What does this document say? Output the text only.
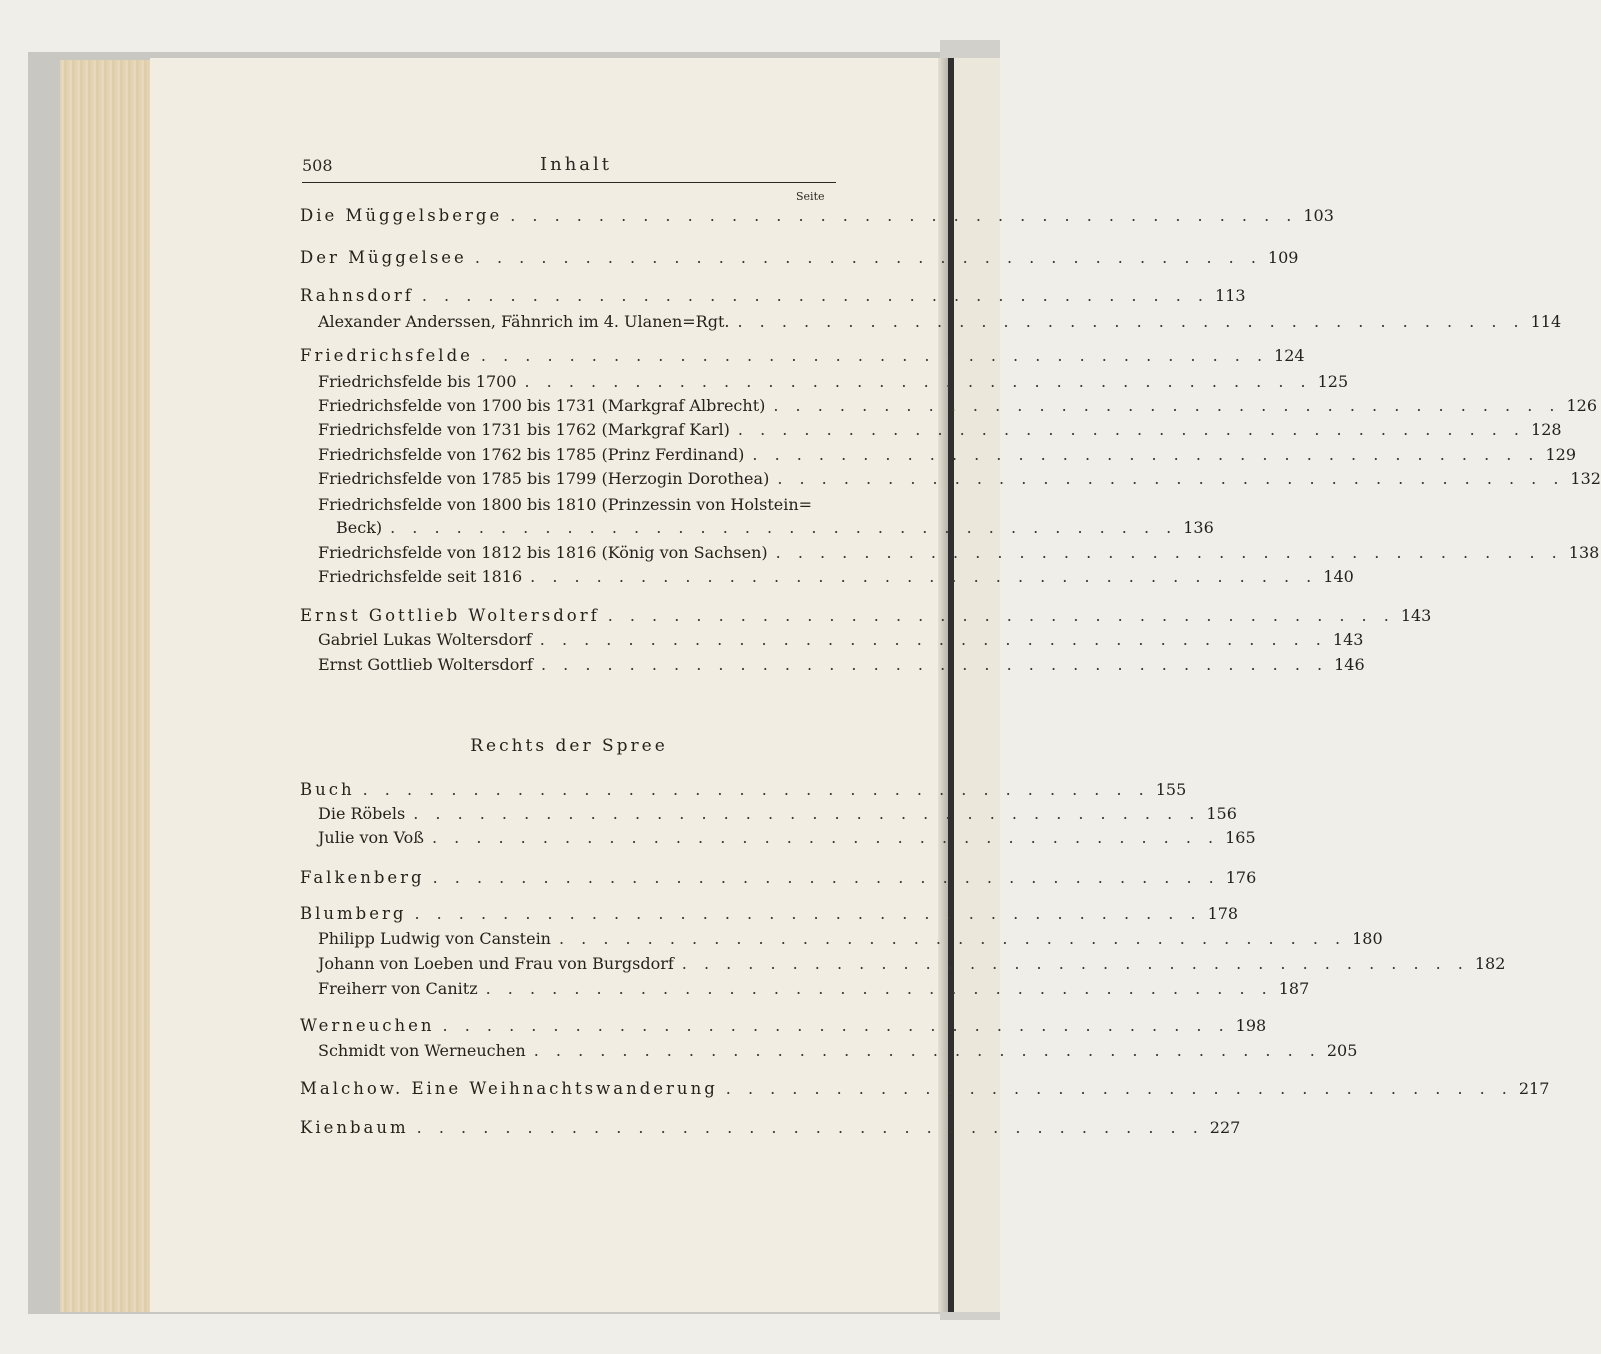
508	Inhalt
Seite
Die Müggelsberge . . . . . . . . . . . . . . . . . . . . . . . . . . . . . . . . . . . . 103
Der Müggelsee . . . . . . . . . . . . . . . . . . . . . . . . . . . . . . . . . . . . 109
Rahnsdorf . . . . . . . . . . . . . . . . . . . . . . . . . . . . . . . . . . . . 113
Alexander Anderssen, Fähnrich im 4. Ulanen=Rgt. . . . . . . . . . . . . . . . . . . . . . . . . . . . . . . . . . . . . 114
Friedrichsfelde . . . . . . . . . . . . . . . . . . . . . . . . . . . . . . . . . . . . 124
Friedrichsfelde bis 1700 . . . . . . . . . . . . . . . . . . . . . . . . . . . . . . . . . . . . 125
Friedrichsfelde von 1700 bis 1731 (Markgraf Albrecht) . . . . . . . . . . . . . . . . . . . . . . . . . . . . . . . . . . . . 126
Friedrichsfelde von 1731 bis 1762 (Markgraf Karl) . . . . . . . . . . . . . . . . . . . . . . . . . . . . . . . . . . . . 128
Friedrichsfelde von 1762 bis 1785 (Prinz Ferdinand) . . . . . . . . . . . . . . . . . . . . . . . . . . . . . . . . . . . . 129
Friedrichsfelde von 1785 bis 1799 (Herzogin Dorothea) . . . . . . . . . . . . . . . . . . . . . . . . . . . . . . . . . . . . 132
Friedrichsfelde von 1800 bis 1810 (Prinzessin von Holstein=
Beck) . . . . . . . . . . . . . . . . . . . . . . . . . . . . . . . . . . . . 136
Friedrichsfelde von 1812 bis 1816 (König von Sachsen) . . . . . . . . . . . . . . . . . . . . . . . . . . . . . . . . . . . . 138
Friedrichsfelde seit 1816 . . . . . . . . . . . . . . . . . . . . . . . . . . . . . . . . . . . . 140
Ernst Gottlieb Woltersdorf . . . . . . . . . . . . . . . . . . . . . . . . . . . . . . . . . . . . 143
Gabriel Lukas Woltersdorf . . . . . . . . . . . . . . . . . . . . . . . . . . . . . . . . . . . . 143
Ernst Gottlieb Woltersdorf . . . . . . . . . . . . . . . . . . . . . . . . . . . . . . . . . . . . 146
Rechts der Spree
Buch . . . . . . . . . . . . . . . . . . . . . . . . . . . . . . . . . . . . 155
Die Röbels . . . . . . . . . . . . . . . . . . . . . . . . . . . . . . . . . . . . 156
Julie von Voß . . . . . . . . . . . . . . . . . . . . . . . . . . . . . . . . . . . . 165
Falkenberg . . . . . . . . . . . . . . . . . . . . . . . . . . . . . . . . . . . . 176
Blumberg . . . . . . . . . . . . . . . . . . . . . . . . . . . . . . . . . . . . 178
Philipp Ludwig von Canstein . . . . . . . . . . . . . . . . . . . . . . . . . . . . . . . . . . . . 180
Johann von Loeben und Frau von Burgsdorf . . . . . . . . . . . . . . . . . . . . . . . . . . . . . . . . . . . . 182
Freiherr von Canitz . . . . . . . . . . . . . . . . . . . . . . . . . . . . . . . . . . . . 187
Werneuchen . . . . . . . . . . . . . . . . . . . . . . . . . . . . . . . . . . . . 198
Schmidt von Werneuchen . . . . . . . . . . . . . . . . . . . . . . . . . . . . . . . . . . . . 205
Malchow. Eine Weihnachtswanderung . . . . . . . . . . . . . . . . . . . . . . . . . . . . . . . . . . . . 217
Kienbaum . . . . . . . . . . . . . . . . . . . . . . . . . . . . . . . . . . . . 227
